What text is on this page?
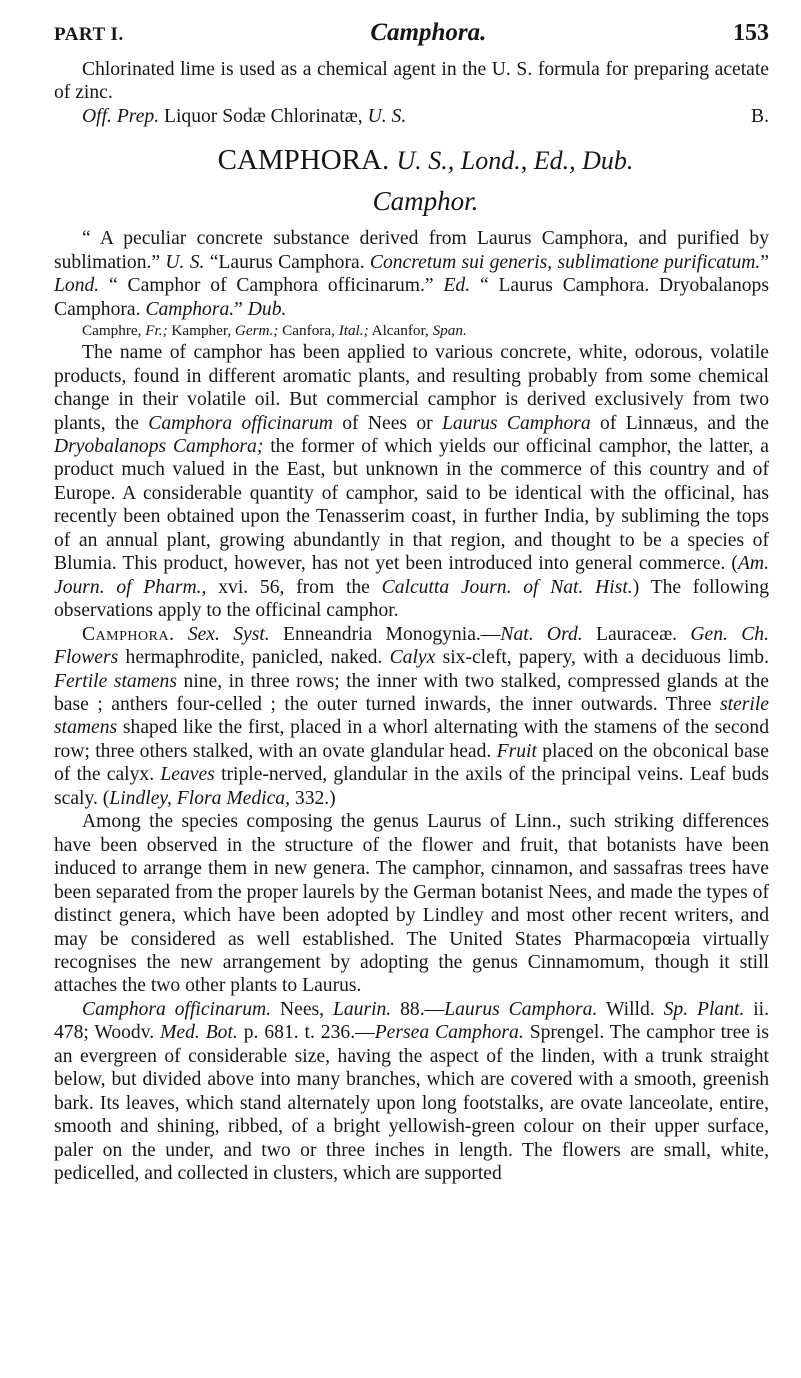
PART I.	Camphora.	153

Chlorinated lime is used as a chemical agent in the U. S. formula for preparing acetate of zinc.

Off. Prep. Liquor Sodæ Chlorinatæ, U. S.	B.
CAMPHORA. U. S., Lond., Ed., Dub.
Camphor.

“ A peculiar concrete substance derived from Laurus Camphora, and purified by sublimation.” U. S. “Laurus Camphora. Concretum sui generis, sublimatione purificatum.” Lond. “ Camphor of Camphora officinarum.” Ed. “ Laurus Camphora. Dryobalanops Camphora. Camphora.” Dub.

Camphre, Fr.; Kampher, Germ.; Canfora, Ital.; Alcanfor, Span.

The name of camphor has been applied to various concrete, white, odorous, volatile products, found in different aromatic plants, and resulting probably from some chemical change in their volatile oil. But commercial camphor is derived exclusively from two plants, the Camphora officinarum of Nees or Laurus Camphora of Linnæus, and the Dryobalanops Camphora; the former of which yields our officinal camphor, the latter, a product much valued in the East, but unknown in the commerce of this country and of Europe. A considerable quantity of camphor, said to be identical with the officinal, has recently been obtained upon the Tenasserim coast, in further India, by subliming the tops of an annual plant, growing abundantly in that region, and thought to be a species of Blumia. This product, however, has not yet been introduced into general commerce. (Am. Journ. of Pharm., xvi. 56, from the Calcutta Journ. of Nat. Hist.) The following observations apply to the officinal camphor.

Camphora. Sex. Syst. Enneandria Monogynia.—Nat. Ord. Lauraceæ. Gen. Ch. Flowers hermaphrodite, panicled, naked. Calyx six-cleft, papery, with a deciduous limb. Fertile stamens nine, in three rows; the inner with two stalked, compressed glands at the base ; anthers four-celled ; the outer turned inwards, the inner outwards. Three sterile stamens shaped like the first, placed in a whorl alternating with the stamens of the second row; three others stalked, with an ovate glandular head. Fruit placed on the obconical base of the calyx. Leaves triple-nerved, glandular in the axils of the principal veins. Leaf buds scaly. (Lindley, Flora Medica, 332.)

Among the species composing the genus Laurus of Linn., such striking differences have been observed in the structure of the flower and fruit, that botanists have been induced to arrange them in new genera. The camphor, cinnamon, and sassafras trees have been separated from the proper laurels by the German botanist Nees, and made the types of distinct genera, which have been adopted by Lindley and most other recent writers, and may be considered as well established. The United States Pharmacopœia virtually recognises the new arrangement by adopting the genus Cinnamomum, though it still attaches the two other plants to Laurus.

Camphora officinarum. Nees, Laurin. 88.—Laurus Camphora. Willd. Sp. Plant. ii. 478; Woodv. Med. Bot. p. 681. t. 236.—Persea Camphora. Sprengel. The camphor tree is an evergreen of considerable size, having the aspect of the linden, with a trunk straight below, but divided above into many branches, which are covered with a smooth, greenish bark. Its leaves, which stand alternately upon long footstalks, are ovate lanceolate, entire, smooth and shining, ribbed, of a bright yellowish-green colour on their upper surface, paler on the under, and two or three inches in length. The flowers are small, white, pedicelled, and collected in clusters, which are supported
